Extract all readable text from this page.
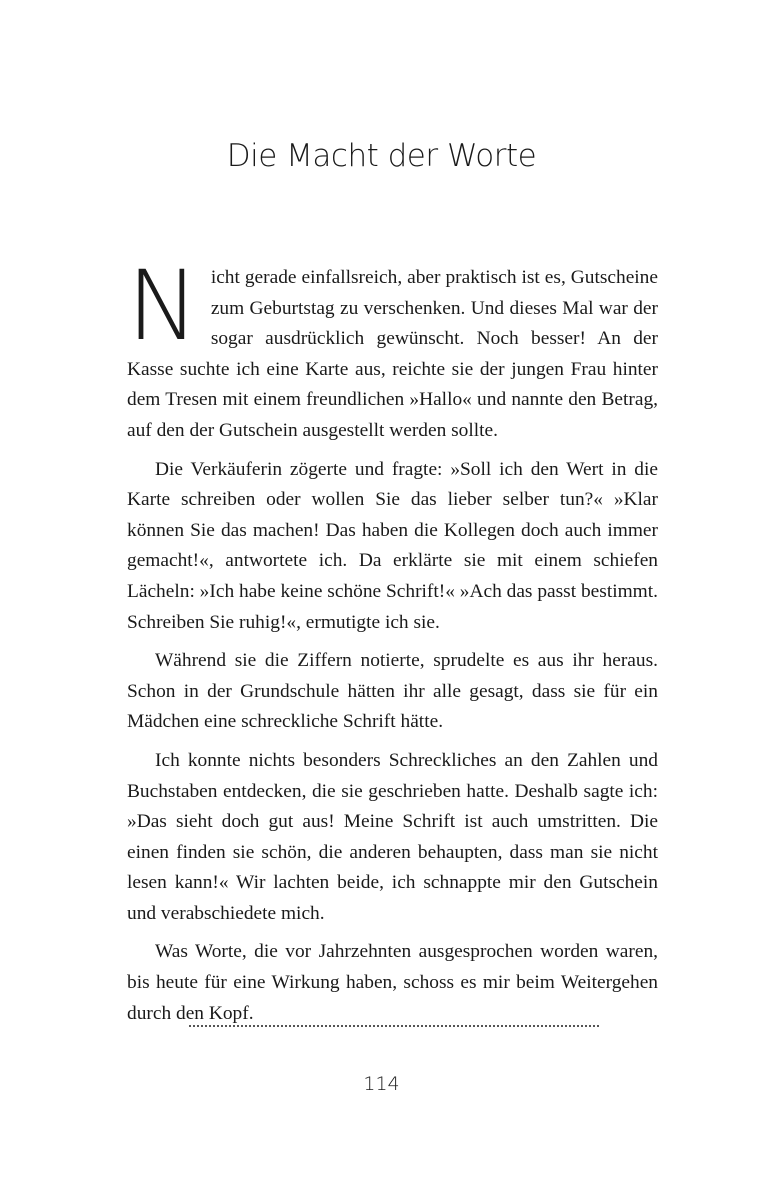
Die Macht der Worte

Nicht gerade einfallsreich, aber praktisch ist es, Gutscheine zum Geburtstag zu verschenken. Und dieses Mal war der sogar ausdrücklich gewünscht. Noch besser! An der Kasse suchte ich eine Karte aus, reichte sie der jungen Frau hinter dem Tresen mit einem freundlichen »Hallo« und nannte den Betrag, auf den der Gutschein ausgestellt werden sollte.

Die Verkäuferin zögerte und fragte: »Soll ich den Wert in die Karte schreiben oder wollen Sie das lieber selber tun?« »Klar können Sie das machen! Das haben die Kollegen doch auch immer gemacht!«, antwortete ich. Da erklärte sie mit einem schiefen Lächeln: »Ich habe keine schöne Schrift!« »Ach das passt bestimmt. Schreiben Sie ruhig!«, ermutigte ich sie.

Während sie die Ziffern notierte, sprudelte es aus ihr heraus. Schon in der Grundschule hätten ihr alle gesagt, dass sie für ein Mädchen eine schreckliche Schrift hätte.

Ich konnte nichts besonders Schreckliches an den Zahlen und Buchstaben entdecken, die sie geschrieben hatte. Deshalb sagte ich: »Das sieht doch gut aus! Meine Schrift ist auch umstritten. Die einen finden sie schön, die anderen behaupten, dass man sie nicht lesen kann!« Wir lachten beide, ich schnappte mir den Gutschein und verabschiedete mich.

Was Worte, die vor Jahrzehnten ausgesprochen worden waren, bis heute für eine Wirkung haben, schoss es mir beim Weitergehen durch den Kopf.

114
